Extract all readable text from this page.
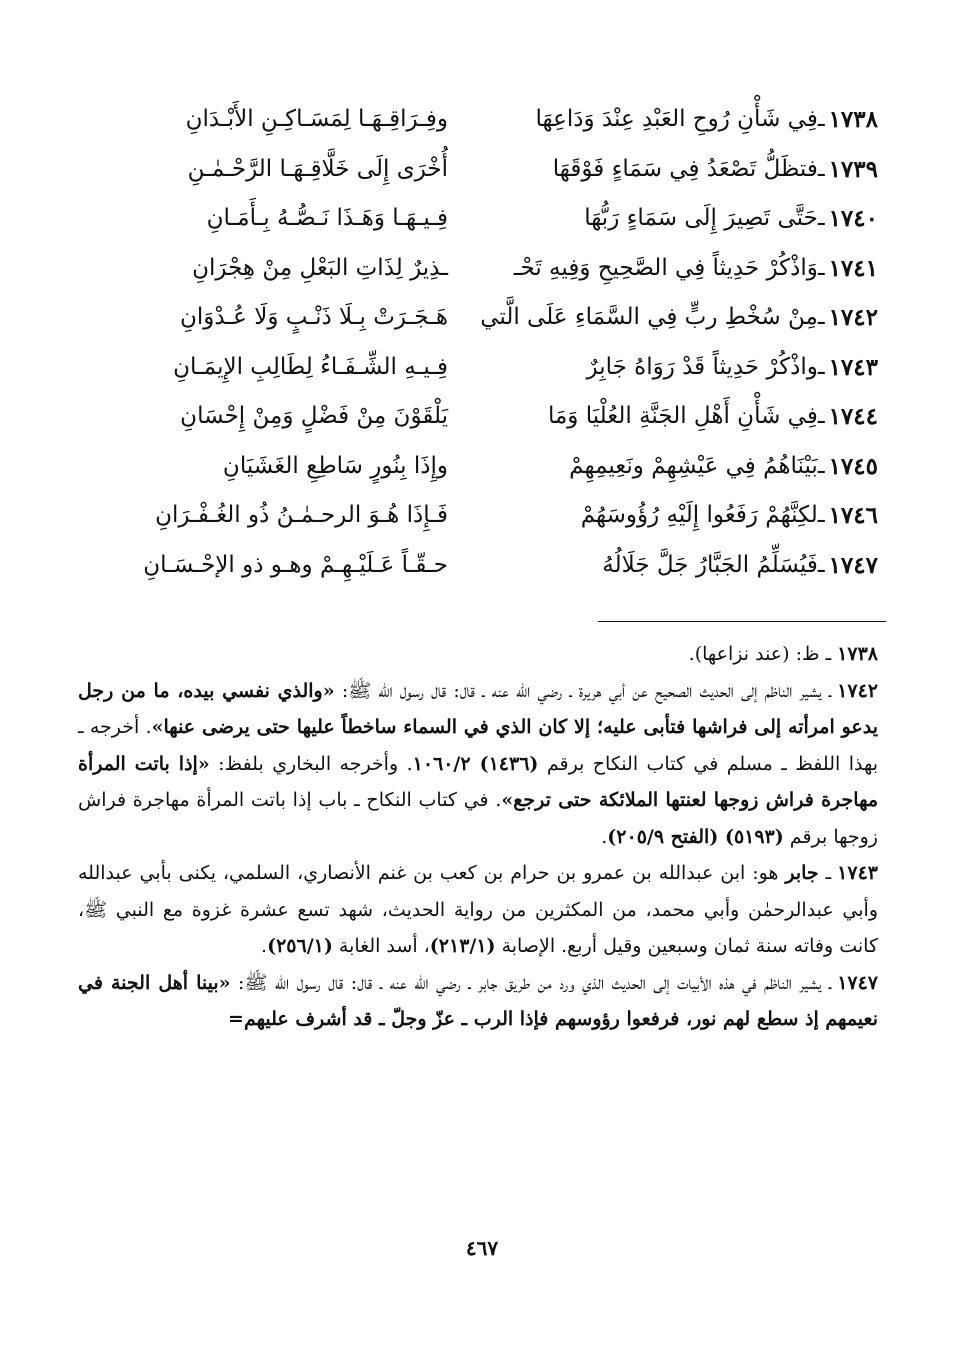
١٧٣٨
ـ
فِي شَأْنِ رُوحِ العَبْدِ عِنْدَ وَدَاعِهَا
وفِـرَاقِـهَـا لِمَسَـاكِـنِ الأَبْـدَانِ
١٧٣٩
ـ
فتظَلُّ تَصْعَدُ فِي سَمَاءٍ فَوْقَهَا
أُخْرَى إِلَى خَلَّاقِـهَـا الرَّحْـمٰـنِ
١٧٤٠
ـ
حَتَّى تَصِيرَ إِلَى سَمَاءٍ رَبُّهَا
فِـيـهَـا وَهَـذَا نَـصُّـهُ بِـأَمَـانِ
١٧٤١
ـ
وَاذْكُرْ حَدِيثاً فِي الصَّحِيحِ وَفِيهِ تَحْـ
ـذِيرٌ لِذَاتِ البَعْلِ مِنْ هِجْرَانِ
١٧٤٢
ـ
مِنْ سُخْطِ ربٍّ فِي السَّمَاءِ عَلَى الَّتي
هَـجَـرَتْ بِـلَا ذَنْـبٍ وَلَا عُـدْوَانِ
١٧٤٣
ـ
واذْكُرْ حَدِيثاً قَدْ رَوَاهُ جَابِرٌ
فِـيـهِ الشِّـفَـاءُ لِطَالِبِ الإِيمَـانِ
١٧٤٤
ـ
فِي شَأْنِ أَهْلِ الجَنَّةِ العُلْيَا وَمَا
يَلْقَوْنَ مِنْ فَضْلٍ وَمِنْ إِحْسَانِ
١٧٤٥
ـ
بَيْنَاهُمُ فِي عَيْشِهِمْ ونَعِيمِهِمْ
وإِذَا بِنُورٍ سَاطِعِ الغَشَيَانِ
١٧٤٦
ـ
لكِنَّهُمْ رَفَعُوا إِلَيْهِ رُؤُوسَهُمْ
فَـإِذَا هُـوَ الرحـمٰـنُ ذُو الغُـفْـرَانِ
١٧٤٧
ـ
فَيُسَلِّمُ الجَبَّارُ جَلَّ جَلَالُهُ
حـقّـاً عَـلَيْـهِـمْ وهـو ذو الإحْـسَـانِ

١٧٣٨ـ ظ: (عند نزاعها).

١٧٤٢ـ يشير الناظم إلى الحديث الصحيح عن أبي هريرة ـ رضي الله عنه ـ قال: قال رسول الله ﷺ: «والذي نفسي بيده، ما من رجل يدعو امرأته إلى فراشها فتأبى عليه؛ إلا كان الذي في السماء ساخطاً عليها حتى يرضى عنها». أخرجه ـ بهذا اللفظ ـ مسلم في كتاب النكاح برقم (١٤٣٦) ١٠٦٠/٢. وأخرجه البخاري بلفظ: «إذا باتت المرأة مهاجرة فراش زوجها لعنتها الملائكة حتى ترجع». في كتاب النكاح ـ باب إذا باتت المرأة مهاجرة فراش زوجها برقم (٥١٩٣) (الفتح ٢٠٥/٩).

١٧٤٣ـ جابر هو: ابن عبدالله بن عمرو بن حرام بن كعب بن غنم الأنصاري، السلمي، يكنى بأبي عبدالله وأبي عبدالرحمٰن وأبي محمد، من المكثرين من رواية الحديث، شهد تسع عشرة غزوة مع النبي ﷺ، كانت وفاته سنة ثمان وسبعين وقيل أربع. الإصابة (٢١٣/١)، أسد الغابة (٢٥٦/١).

١٧٤٧ـ يشير الناظم في هذه الأبيات إلى الحديث الذي ورد من طريق جابر ـ رضي الله عنه ـ قال: قال رسول الله ﷺ: «بينا أهل الجنة في نعيمهم إذ سطع لهم نور، فرفعوا رؤوسهم فإذا الرب ـ عزّ وجلّ ـ قد أشرف عليهم=

٤٦٧
